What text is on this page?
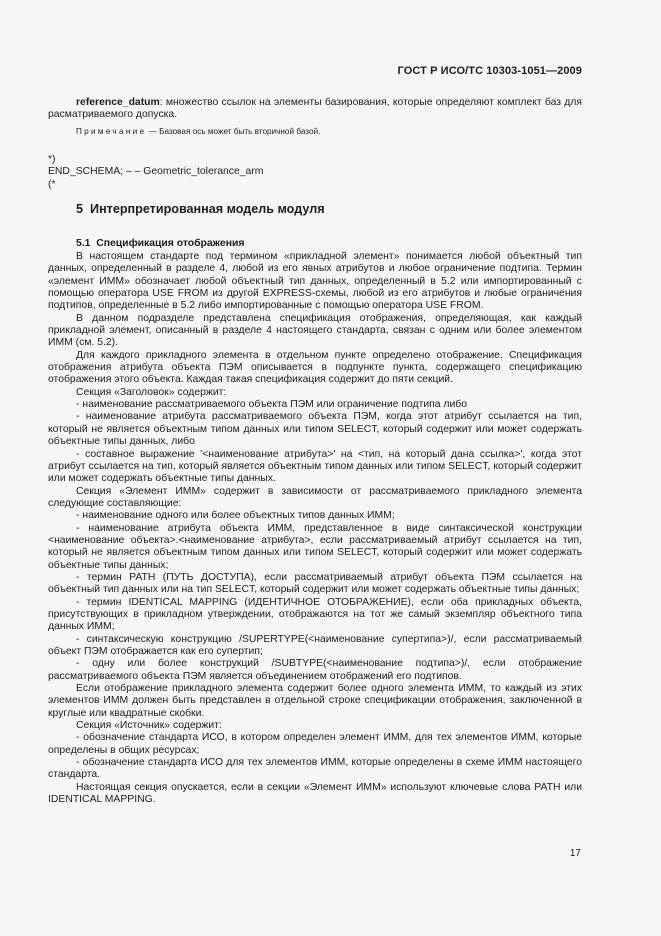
ГОСТ Р ИСО/ТС 10303-1051—2009

reference_datum: множество ссылок на элементы базирования, которые определяют комплект баз для расматриваемого допуска.

Примечание — Базовая ось может быть вторичной базой.

*)

END_SCHEMA; – – Geometric_tolerance_arm

(*

5 Интерпретированная модель модуля
5.1 Спецификация отображения

В настоящем стандарте под термином «прикладной элемент» понимается любой объектный тип данных, определенный в разделе 4, любой из его явных атрибутов и любое ограничение подтипа. Термин «элемент ИММ» обозначает любой объектный тип данных, определенный в 5.2 или импортированный с помощью оператора USE FROM из другой EXPRESS-схемы, любой из его атрибутов и любые ограничения подтипов, определенные в 5.2 либо импортированные с помощью оператора USE FROM.

В данном подразделе представлена спецификация отображения, определяющая, как каждый прикладной элемент, описанный в разделе 4 настоящего стандарта, связан с одним или более элементом ИММ (см. 5.2).

Для каждого прикладного элемента в отдельном пункте определено отображение. Спецификация отображения атрибута объекта ПЭМ описывается в подпункте пункта, содержащего спецификацию отображения этого объекта. Каждая такая спецификация содержит до пяти секций.

Секция «Заголовок» содержит:

- наименование рассматриваемого объекта ПЭМ или ограничение подтипа либо

- наименование атрибута рассматриваемого объекта ПЭМ, когда этот атрибут ссылается на тип, который не является объектным типом данных или типом SELECT, который содержит или может содержать объектные типы данных, либо

- составное выражение '<наименование атрибута>' на <тип, на который дана ссылка>', когда этот атрибут ссылается на тип, который является объектным типом данных или типом SELECT, который содержит или может содержать объектные типы данных.

Секция «Элемент ИММ» содержит в зависимости от рассматриваемого прикладного элемента следующие составляющие:

- наименование одного или более объектных типов данных ИММ;

- наименование атрибута объекта ИММ, представленное в виде синтаксической конструкции <наименование объекта>.<наименование атрибута>, если рассматриваемый атрибут ссылается на тип, который не является объектным типом данных или типом SELECT, который содержит или может содержать объектные типы данных;

- термин PATH (ПУТЬ ДОСТУПА), если рассматриваемый атрибут объекта ПЭМ ссылается на объектный тип данных или на тип SELECT, который содержит или может содержать объектные типы данных;

- термин IDENTICAL MAPPING (ИДЕНТИЧНОЕ ОТОБРАЖЕНИЕ), если оба прикладных объекта, присутствующих в прикладном утверждении, отображаются на тот же самый экземпляр объектного типа данных ИММ;

- синтаксическую конструкцию /SUPERTYPE(<наименование супертипа>)/, если рассматриваемый объект ПЭМ отображается как его супертип;

- одну или более конструкций /SUBTYPE(<наименование подтипа>)/, если отображение рассматриваемого объекта ПЭМ является объединением отображений его подтипов.

Если отображение прикладного элемента содержит более одного элемента ИММ, то каждый из этих элементов ИММ должен быть представлен в отдельной строке спецификации отображения, заключенной в круглые или квадратные скобки.

Секция «Источник» содержит:

- обозначение стандарта ИСО, в котором определен элемент ИММ, для тех элементов ИММ, которые определены в общих ресурсах;

- обозначение стандарта ИСО для тех элементов ИММ, которые определены в схеме ИММ настоящего стандарта.

Настоящая секция опускается, если в секции «Элемент ИММ» используют ключевые слова PATH или IDENTICAL MAPPING.

17
